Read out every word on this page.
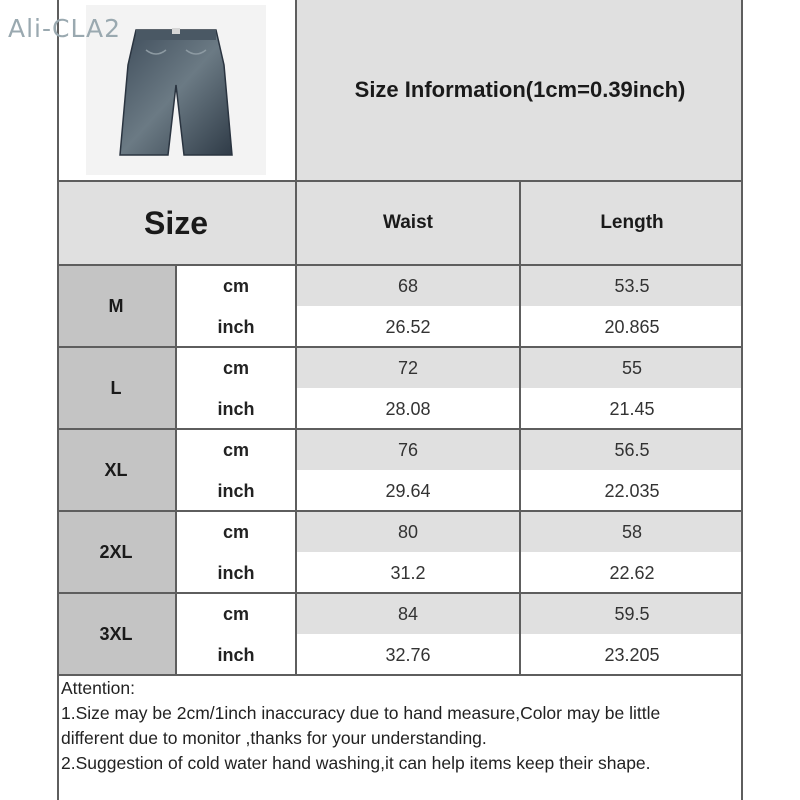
Ali-CLA2
Size Information(1cm=0.39inch)
Size	Waist	Length
M
cm	68	53.5
inch	26.52	20.865
L
cm	72	55
inch	28.08	21.45
XL
cm	76	56.5
inch	29.64	22.035
2XL
cm	80	58
inch	31.2	22.62
3XL
cm	84	59.5
inch	32.76	23.205
Attention:
1.Size may be 2cm/1inch inaccuracy due to hand measure,Color may be little
different due to monitor ,thanks for your understanding.
2.Suggestion of cold water hand washing,it can help items keep their shape.
